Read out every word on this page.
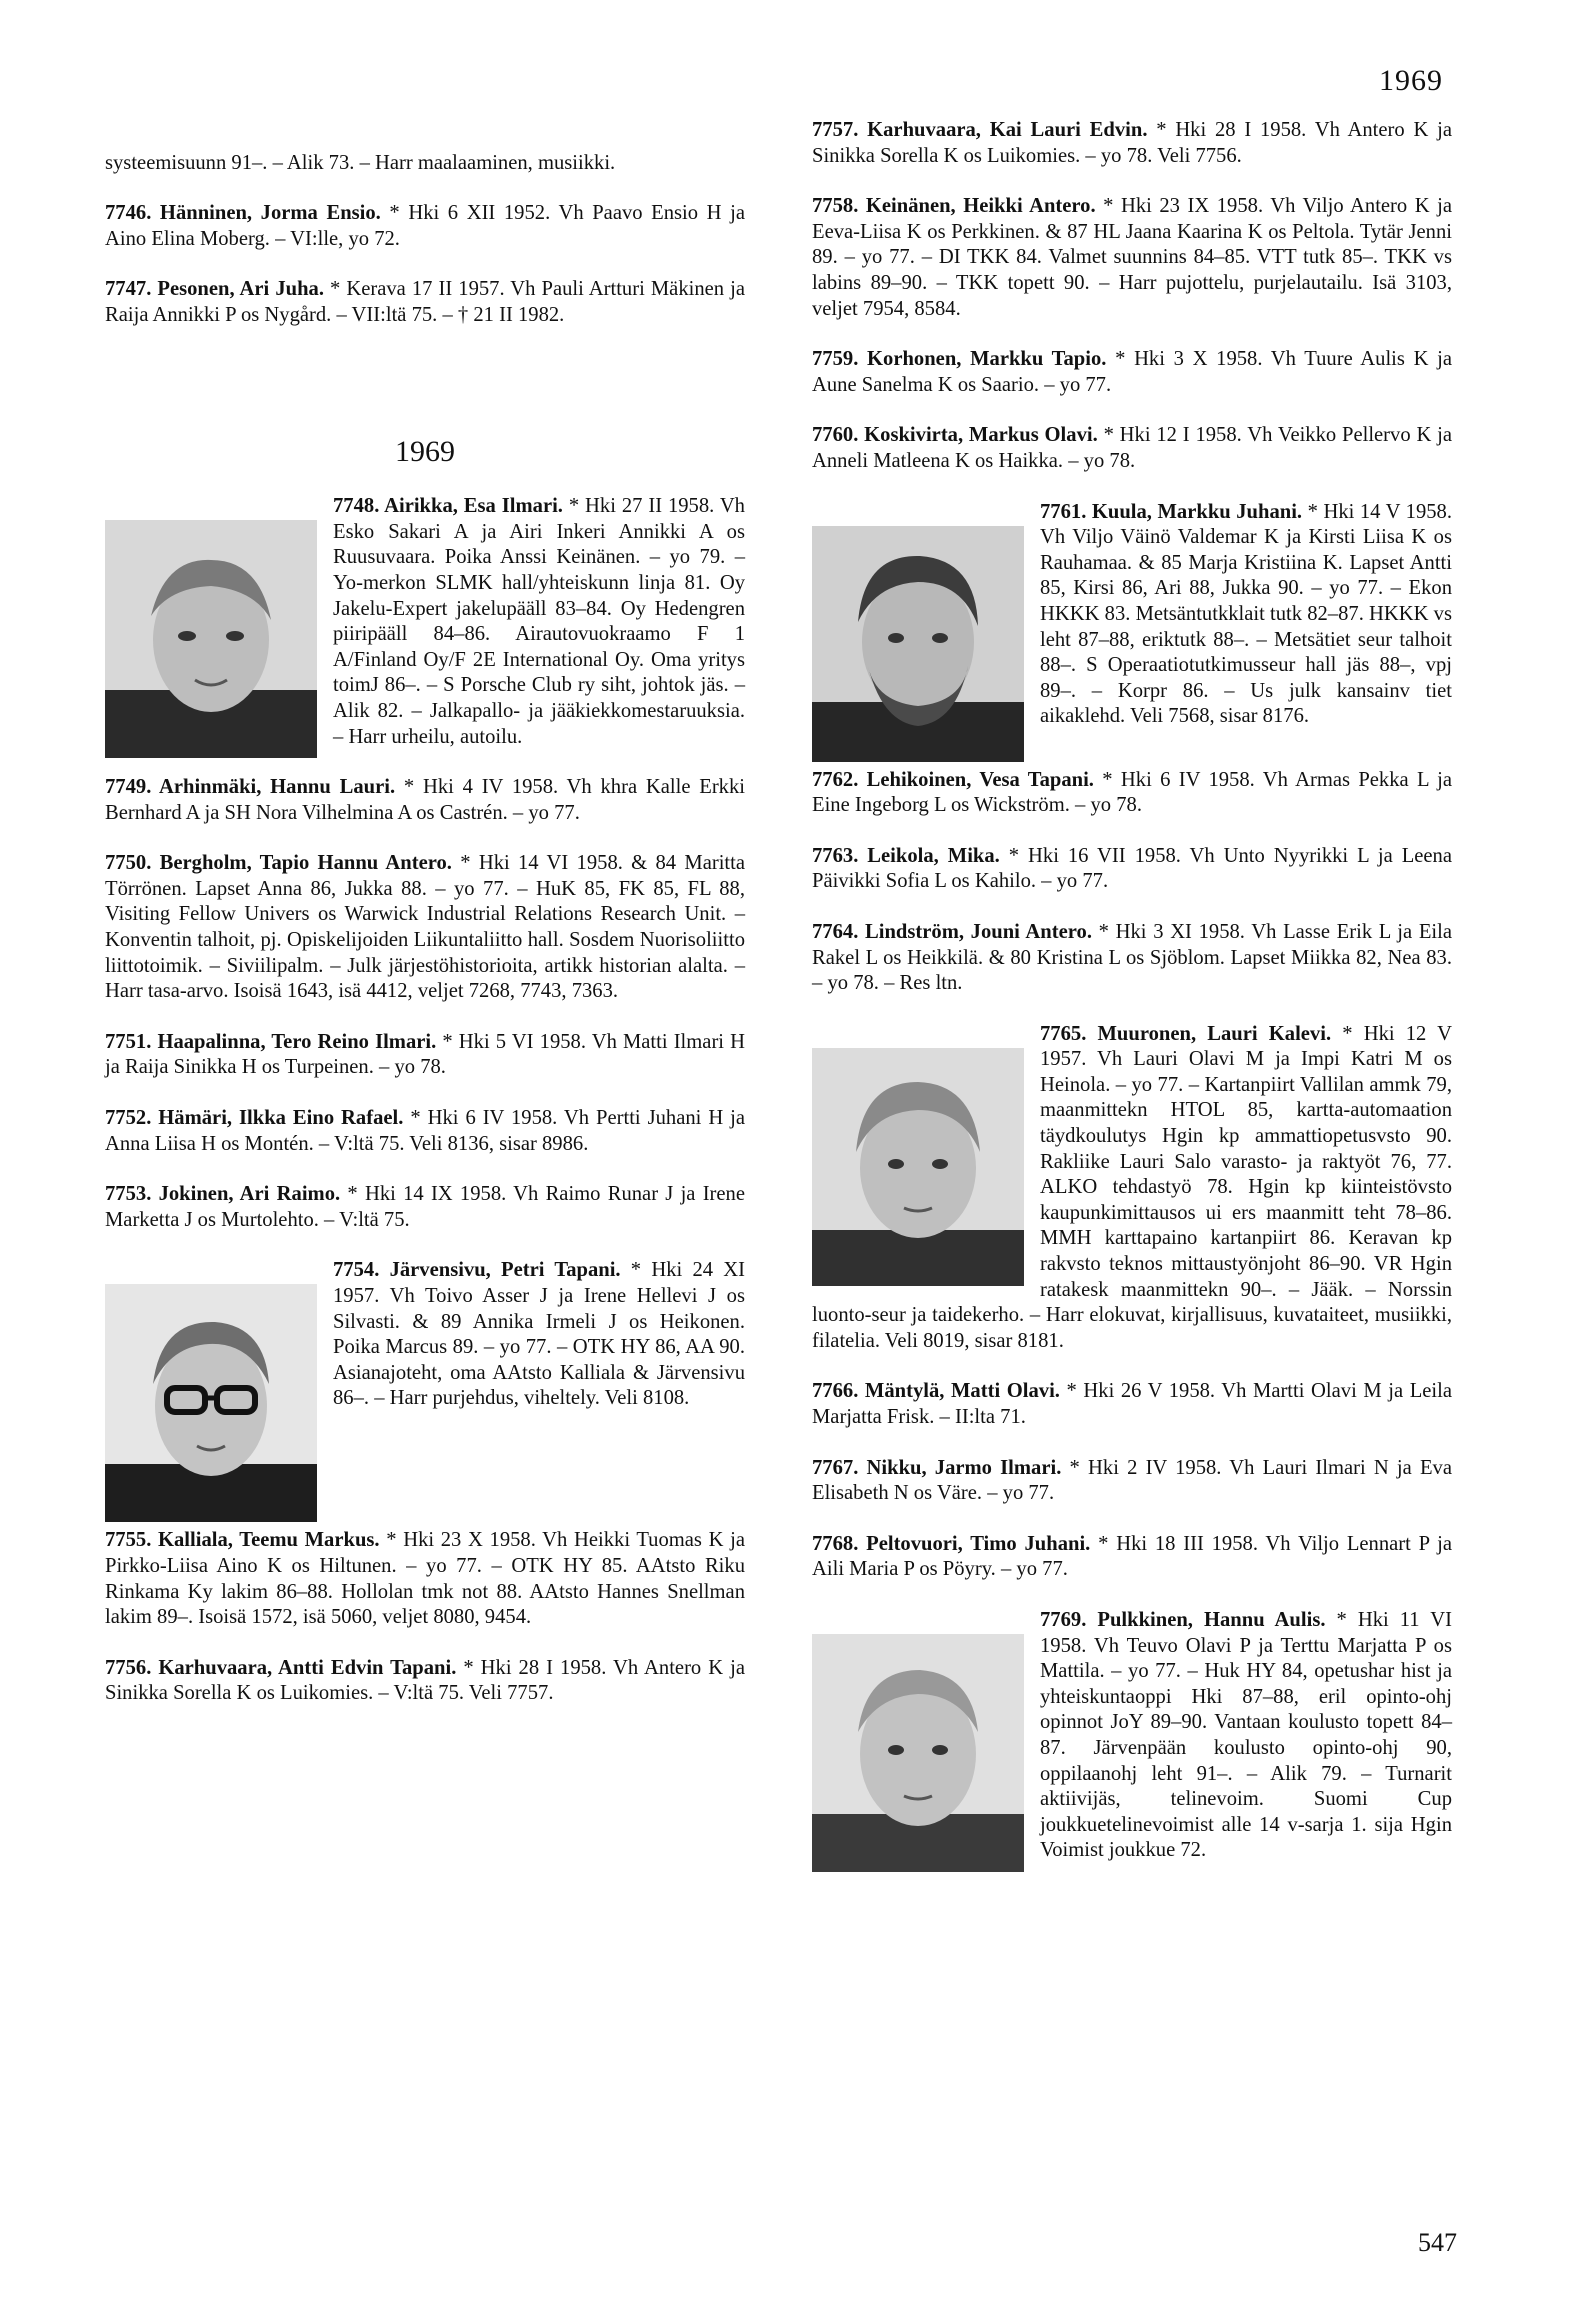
1969

systeemisuunn 91–. – Alik 73. – Harr maalaaminen, musiikki.

7746. Hänninen, Jorma Ensio. * Hki 6 XII 1952. Vh Paavo Ensio H ja Aino Elina Moberg. – VI:lle, yo 72.

7747. Pesonen, Ari Juha. * Kerava 17 II 1957. Vh Pauli Artturi Mäkinen ja Raija Annikki P os Nygård. – VII:ltä 75. – † 21 II 1982.

1969

7748. Airikka, Esa Ilmari. * Hki 27 II 1958. Vh Esko Sakari A ja Airi Inkeri Annikki A os Ruusuvaara. Poika Anssi Keinänen. – yo 79. – Yo-merkon SLMK hall/yhteiskunn linja 81. Oy Jakelu-Expert jakelupääll 83–84. Oy Hedengren piiripääll 84–86. Airautovuokraamo F 1 A/Finland Oy/F 2E International Oy. Oma yritys toimJ 86–. – S Porsche Club ry siht, johtok jäs. – Alik 82. – Jalkapallo- ja jääkiekkomestaruuksia. – Harr urheilu, autoilu.

7749. Arhinmäki, Hannu Lauri. * Hki 4 IV 1958. Vh khra Kalle Erkki Bernhard A ja SH Nora Vilhelmina A os Castrén. – yo 77.

7750. Bergholm, Tapio Hannu Antero. * Hki 14 VI 1958. & 84 Maritta Törrönen. Lapset Anna 86, Jukka 88. – yo 77. – HuK 85, FK 85, FL 88, Visiting Fellow Univers os Warwick Industrial Relations Research Unit. – Konventin talhoit, pj. Opiskelijoiden Liikuntaliitto hall. Sosdem Nuorisoliitto liittotoimik. – Siviilipalm. – Julk järjestöhistorioita, artikk historian alalta. – Harr tasa-arvo. Isoisä 1643, isä 4412, veljet 7268, 7743, 7363.

7751. Haapalinna, Tero Reino Ilmari. * Hki 5 VI 1958. Vh Matti Ilmari H ja Raija Sinikka H os Turpeinen. – yo 78.

7752. Hämäri, Ilkka Eino Rafael. * Hki 6 IV 1958. Vh Pertti Juhani H ja Anna Liisa H os Montén. – V:ltä 75. Veli 8136, sisar 8986.

7753. Jokinen, Ari Raimo. * Hki 14 IX 1958. Vh Raimo Runar J ja Irene Marketta J os Murtolehto. – V:ltä 75.

7754. Järvensivu, Petri Tapani. * Hki 24 XI 1957. Vh Toivo Asser J ja Irene Hellevi J os Silvasti. & 89 Annika Irmeli J os Heikonen. Poika Marcus 89. – yo 77. – OTK HY 86, AA 90. Asianajoteht, oma AAtsto Kalliala & Järvensivu 86–. – Harr purjehdus, viheltely. Veli 8108.

7755. Kalliala, Teemu Markus. * Hki 23 X 1958. Vh Heikki Tuomas K ja Pirkko-Liisa Aino K os Hiltunen. – yo 77. – OTK HY 85. AAtsto Riku Rinkama Ky lakim 86–88. Hollolan tmk not 88. AAtsto Hannes Snellman lakim 89–. Isoisä 1572, isä 5060, veljet 8080, 9454.

7756. Karhuvaara, Antti Edvin Tapani. * Hki 28 I 1958. Vh Antero K ja Sinikka Sorella K os Luikomies. – V:ltä 75. Veli 7757.

7757. Karhuvaara, Kai Lauri Edvin. * Hki 28 I 1958. Vh Antero K ja Sinikka Sorella K os Luikomies. – yo 78. Veli 7756.

7758. Keinänen, Heikki Antero. * Hki 23 IX 1958. Vh Viljo Antero K ja Eeva-Liisa K os Perkkinen. & 87 HL Jaana Kaarina K os Peltola. Tytär Jenni 89. – yo 77. – DI TKK 84. Valmet suunnins 84–85. VTT tutk 85–. TKK vs labins 89–90. – TKK topett 90. – Harr pujottelu, purjelautailu. Isä 3103, veljet 7954, 8584.

7759. Korhonen, Markku Tapio. * Hki 3 X 1958. Vh Tuure Aulis K ja Aune Sanelma K os Saario. – yo 77.

7760. Koskivirta, Markus Olavi. * Hki 12 I 1958. Vh Veikko Pellervo K ja Anneli Matleena K os Haikka. – yo 78.

7761. Kuula, Markku Juhani. * Hki 14 V 1958. Vh Viljo Väinö Valdemar K ja Kirsti Liisa K os Rauhamaa. & 85 Marja Kristiina K. Lapset Antti 85, Kirsi 86, Ari 88, Jukka 90. – yo 77. – Ekon HKKK 83. Metsäntutkklait tutk 82–87. HKKK vs leht 87–88, eriktutk 88–. – Metsätiet seur talhoit 88–. S Operaatiotutkimusseur hall jäs 88–, vpj 89–. – Korpr 86. – Us julk kansainv tiet aikaklehd. Veli 7568, sisar 8176.

7762. Lehikoinen, Vesa Tapani. * Hki 6 IV 1958. Vh Armas Pekka L ja Eine Ingeborg L os Wickström. – yo 78.

7763. Leikola, Mika. * Hki 16 VII 1958. Vh Unto Nyyrikki L ja Leena Päivikki Sofia L os Kahilo. – yo 77.

7764. Lindström, Jouni Antero. * Hki 3 XI 1958. Vh Lasse Erik L ja Eila Rakel L os Heikkilä. & 80 Kristina L os Sjöblom. Lapset Miikka 82, Nea 83. – yo 78. – Res ltn.

7765. Muuronen, Lauri Kalevi. * Hki 12 V 1957. Vh Lauri Olavi M ja Impi Katri M os Heinola. – yo 77. – Kartanpiirt Vallilan ammk 79, maanmittekn HTOL 85, kartta-automaation täydkoulutys Hgin kp ammattiopetusvsto 90. Rakliike Lauri Salo varasto- ja raktyöt 76, 77. ALKO tehdastyö 78. Hgin kp kiinteistövsto kaupunkimittausos ui ers maanmitt teht 78–86. MMH karttapaino kartanpiirt 86. Keravan kp rakvsto teknos mittaustyönjoht 86–90. VR Hgin ratakesk maanmittekn 90–. – Jääk. – Norssin luonto-seur ja taidekerho. – Harr elokuvat, kirjallisuus, kuvataiteet, musiikki, filatelia. Veli 8019, sisar 8181.

7766. Mäntylä, Matti Olavi. * Hki 26 V 1958. Vh Martti Olavi M ja Leila Marjatta Frisk. – II:lta 71.

7767. Nikku, Jarmo Ilmari. * Hki 2 IV 1958. Vh Lauri Ilmari N ja Eva Elisabeth N os Väre. – yo 77.

7768. Peltovuori, Timo Juhani. * Hki 18 III 1958. Vh Viljo Lennart P ja Aili Maria P os Pöyry. – yo 77.

7769. Pulkkinen, Hannu Aulis. * Hki 11 VI 1958. Vh Teuvo Olavi P ja Terttu Marjatta P os Mattila. – yo 77. – Huk HY 84, opetushar hist ja yhteiskuntaoppi Hki 87–88, eril opinto-ohj opinnot JoY 89–90. Vantaan koulusto topett 84–87. Järvenpään koulusto opinto-ohj 90, oppilaanohj leht 91–. – Alik 79. – Turnarit aktiivijäs, telinevoim. Suomi Cup joukkuetelinevoimist alle 14 v-sarja 1. sija Hgin Voimist joukkue 72.

547
